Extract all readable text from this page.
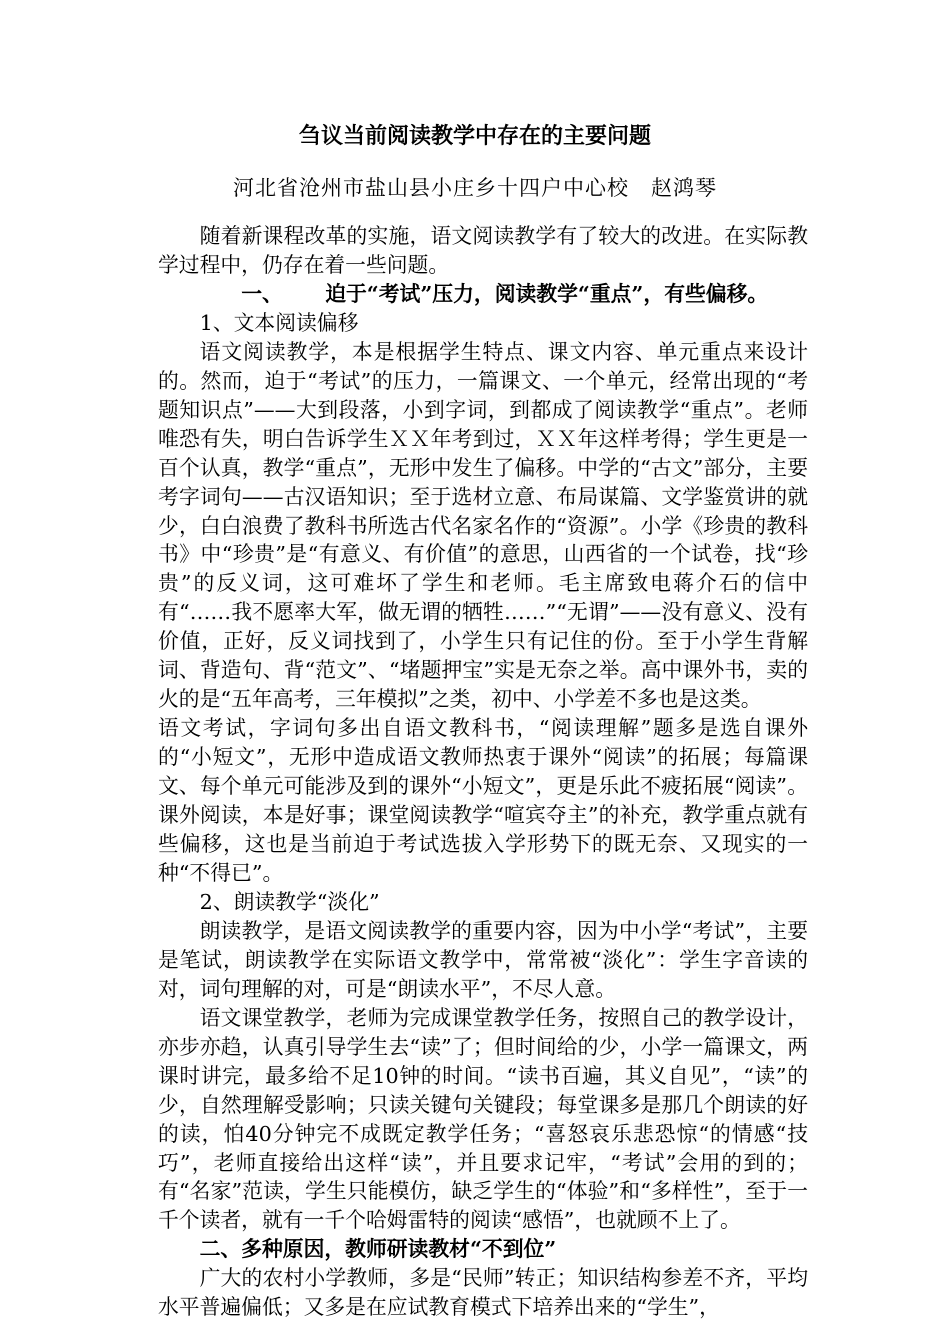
刍议当前阅读教学中存在的主要问题
河北省沧州市盐山县小庄乡十四户中心校　赵鸿琴

随着新课程改革的实施，语文阅读教学有了较大的改进。在实际教学过程中，仍存在着一些问题。

一、 迫于“考试”压力，阅读教学“重点”，有些偏移。

1、文本阅读偏移

语文阅读教学，本是根据学生特点、课文内容、单元重点来设计的。然而，迫于“考试”的压力，一篇课文、一个单元，经常出现的“考题知识点”——大到段落，小到字词，到都成了阅读教学“重点”。老师唯恐有失，明白告诉学生ＸＸ年考到过，ＸＸ年这样考得；学生更是一百个认真，教学“重点”，无形中发生了偏移。中学的“古文”部分，主要考字词句——古汉语知识；至于选材立意、布局谋篇、文学鉴赏讲的就少，白白浪费了教科书所选古代名家名作的“资源”。小学《珍贵的教科书》中“珍贵”是“有意义、有价值”的意思，山西省的一个试卷，找“珍贵”的反义词，这可难坏了学生和老师。毛主席致电蒋介石的信中有“……我不愿率大军，做无谓的牺牲……”“无谓”——没有意义、没有价值，正好，反义词找到了，小学生只有记住的份。至于小学生背解词、背造句、背“范文”、“堵题押宝”实是无奈之举。高中课外书，卖的火的是“五年高考，三年模拟”之类，初中、小学差不多也是这类。

语文考试，字词句多出自语文教科书，“阅读理解”题多是选自课外的“小短文”，无形中造成语文教师热衷于课外“阅读”的拓展；每篇课文、每个单元可能涉及到的课外“小短文”，更是乐此不疲拓展“阅读”。课外阅读，本是好事；课堂阅读教学“喧宾夺主”的补充，教学重点就有些偏移，这也是当前迫于考试选拔入学形势下的既无奈、又现实的一种“不得已”。

2、朗读教学“淡化”

朗读教学，是语文阅读教学的重要内容，因为中小学“考试”，主要是笔试，朗读教学在实际语文教学中，常常被“淡化”：学生字音读的对，词句理解的对，可是“朗读水平”，不尽人意。

语文课堂教学，老师为完成课堂教学任务，按照自己的教学设计，亦步亦趋，认真引导学生去“读”了；但时间给的少，小学一篇课文，两课时讲完，最多给不足10钟的时间。“读书百遍，其义自见”，“读”的少，自然理解受影响；只读关键句关键段；每堂课多是那几个朗读的好的读，怕40分钟完不成既定教学任务；“喜怒哀乐悲恐惊“的情感“技巧”，老师直接给出这样“读”，并且要求记牢，“考试”会用的到的；有“名家”范读，学生只能模仿，缺乏学生的“体验”和“多样性”，至于一千个读者，就有一千个哈姆雷特的阅读“感悟”，也就顾不上了。

二、多种原因，教师研读教材“不到位”

广大的农村小学教师，多是“民师”转正；知识结构参差不齐，平均水平普遍偏低；又多是在应试教育模式下培养出来的“学生”，
